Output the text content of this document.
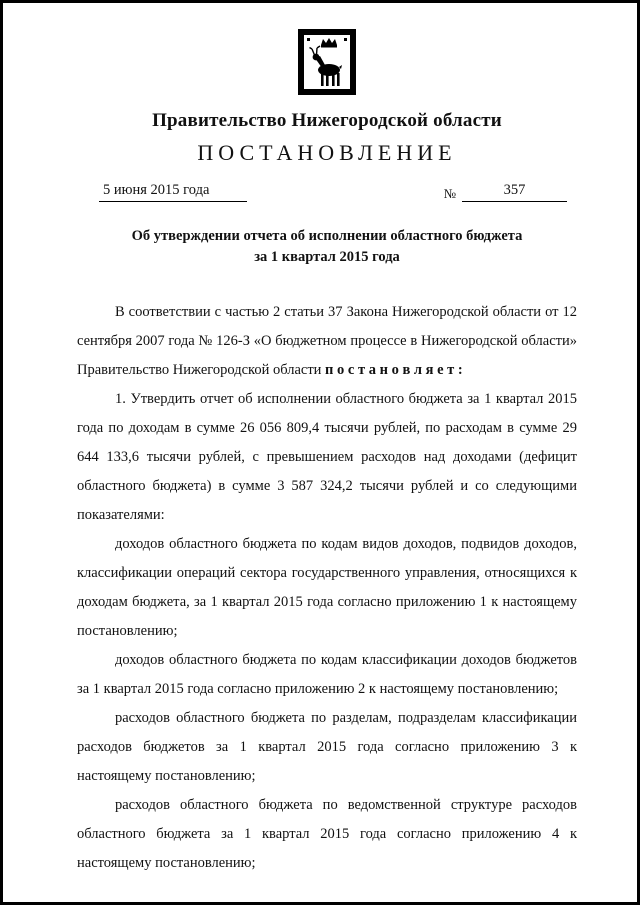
Правительство Нижегородской области
ПОСТАНОВЛЕНИЕ
5 июня 2015 года	№	357
Об утверждении отчета об исполнении областного бюджета
за 1 квартал 2015 года

В соответствии с частью 2 статьи 37 Закона Нижегородской области от 12 сентября 2007 года № 126-З «О бюджетном процессе в Нижегородской области» Правительство Нижегородской области п о с т а н о в л я е т :

1. Утвердить отчет об исполнении областного бюджета за 1 квартал 2015 года по доходам в сумме 26 056 809,4 тысячи рублей, по расходам в сумме 29 644 133,6 тысячи рублей, с превышением расходов над доходами (дефицит областного бюджета) в сумме 3 587 324,2 тысячи рублей и со следующими показателями:

доходов областного бюджета по кодам видов доходов, подвидов доходов, классификации операций сектора государственного управления, относящихся к доходам бюджета, за 1 квартал 2015 года согласно приложению 1 к настоящему постановлению;

доходов областного бюджета по кодам классификации доходов бюджетов за 1 квартал 2015 года согласно приложению 2 к настоящему постановлению;

расходов областного бюджета по разделам, подразделам классификации расходов бюджетов за 1 квартал 2015 года согласно приложению 3 к настоящему постановлению;

расходов областного бюджета по ведомственной структуре расходов областного бюджета за 1 квартал 2015 года согласно приложению 4 к настоящему постановлению;
